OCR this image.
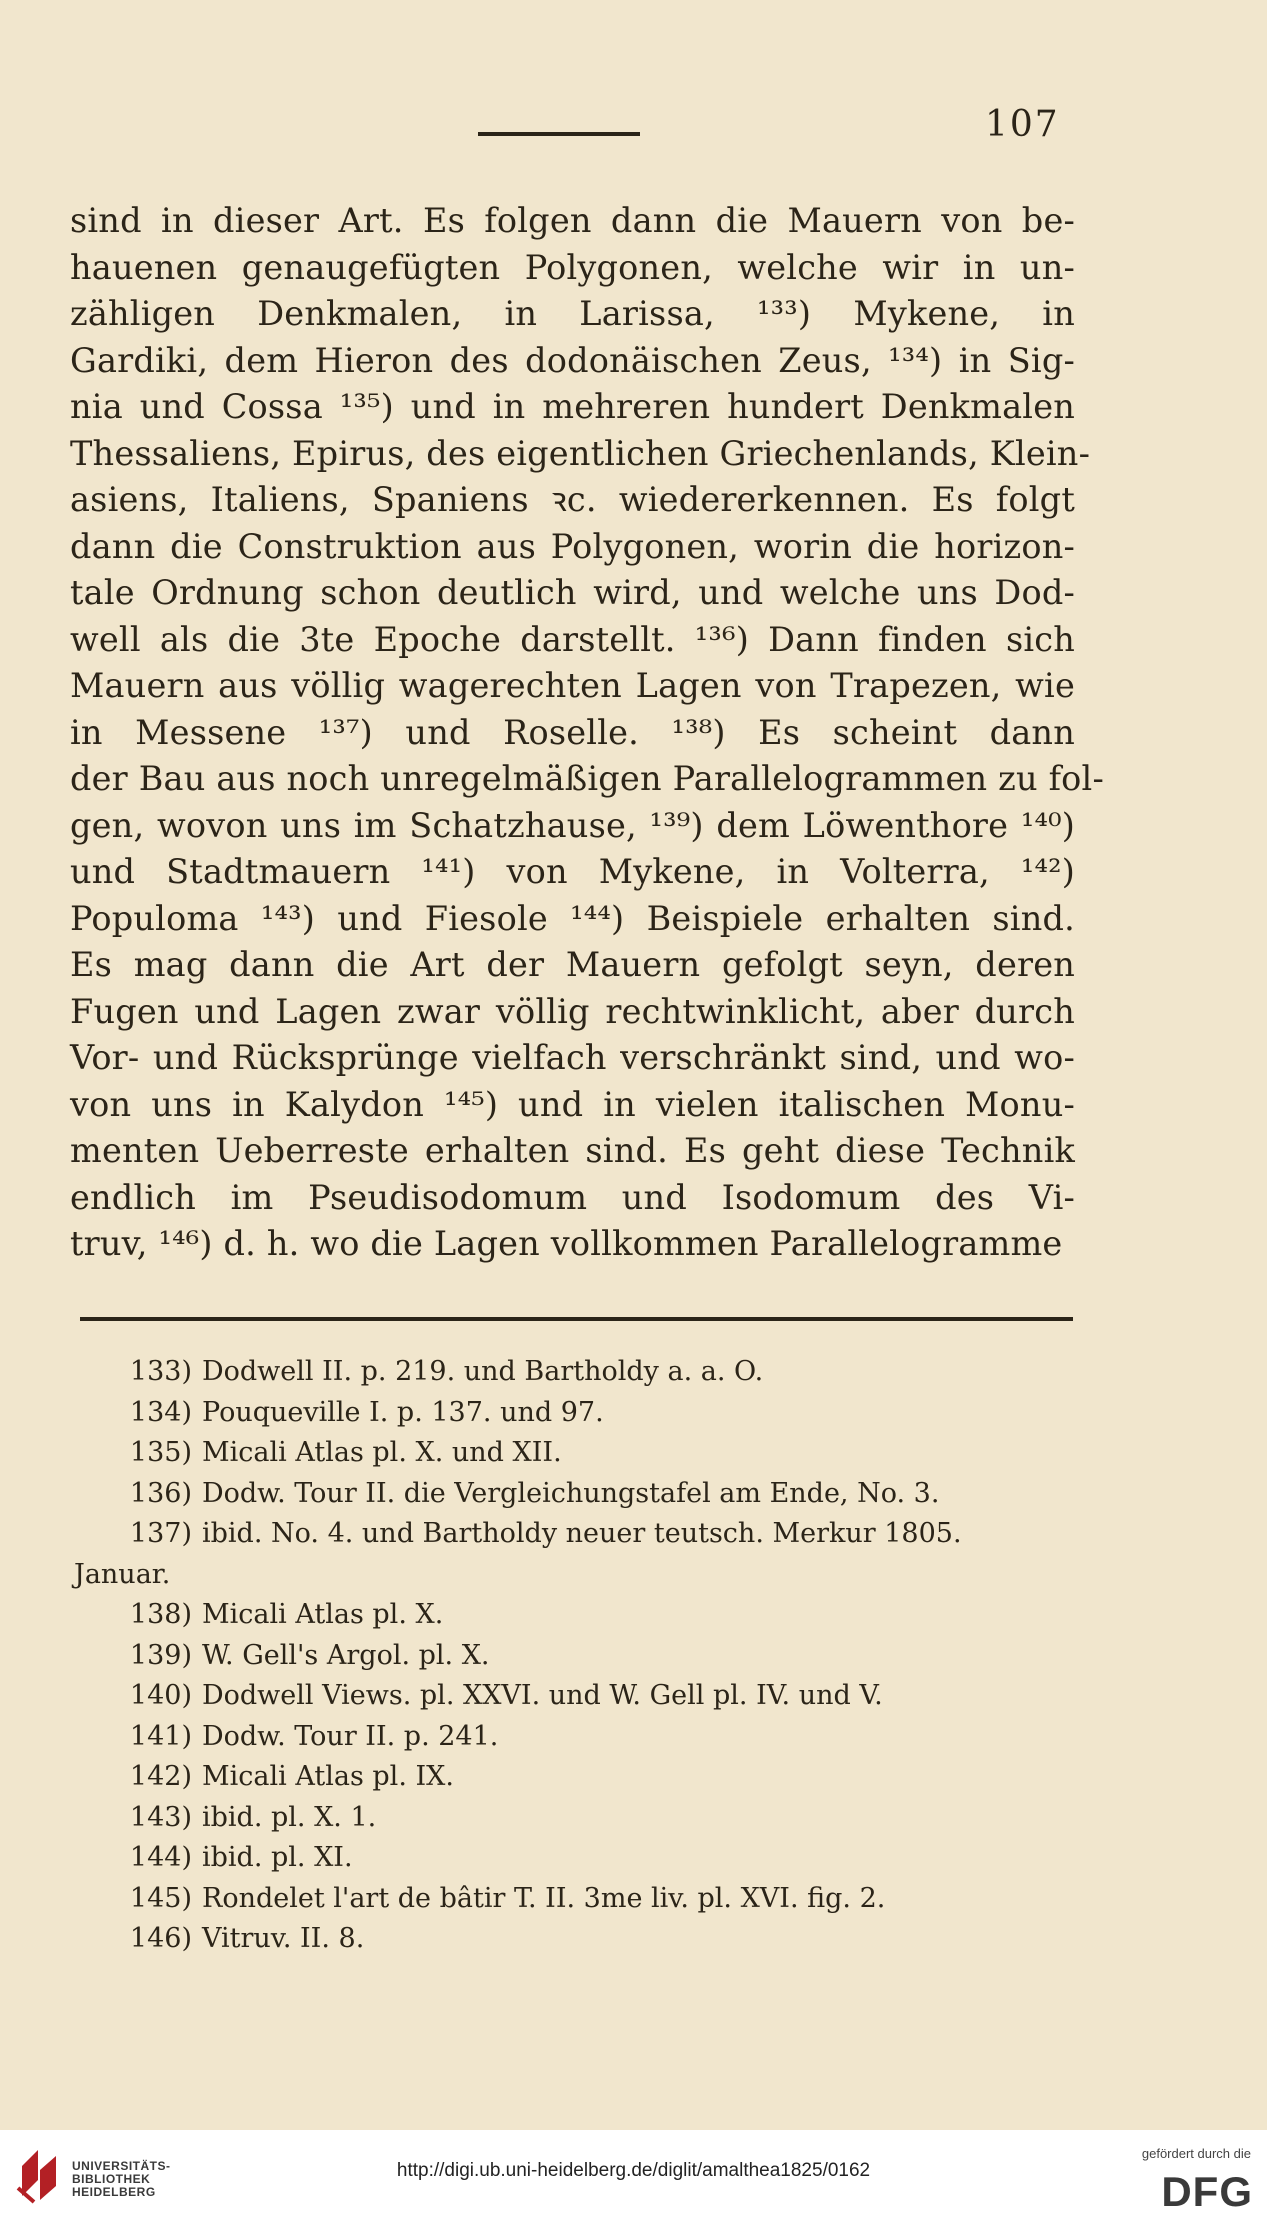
107
sind in dieser Art. Es folgen dann die Mauern von be-
hauenen genaugefügten Polygonen, welche wir in un-
zähligen Denkmalen, in Larissa, ¹³³) Mykene, in
Gardiki, dem Hieron des dodonäischen Zeus, ¹³⁴) in Sig-
nia und Cossa ¹³⁵) und in mehreren hundert Denkmalen
Thessaliens, Epirus, des eigentlichen Griechenlands, Klein-
asiens, Italiens, Spaniens ꝛc. wiedererkennen. Es folgt
dann die Construktion aus Polygonen, worin die horizon-
tale Ordnung schon deutlich wird, und welche uns Dod-
well als die 3te Epoche darstellt. ¹³⁶) Dann finden sich
Mauern aus völlig wagerechten Lagen von Trapezen, wie
in Messene ¹³⁷) und Roselle. ¹³⁸) Es scheint dann
der Bau aus noch unregelmäßigen Parallelogrammen zu fol-
gen, wovon uns im Schatzhause, ¹³⁹) dem Löwenthore ¹⁴⁰)
und Stadtmauern ¹⁴¹) von Mykene, in Volterra, ¹⁴²)
Populoma ¹⁴³) und Fiesole ¹⁴⁴) Beispiele erhalten sind.
Es mag dann die Art der Mauern gefolgt seyn, deren
Fugen und Lagen zwar völlig rechtwinklicht, aber durch
Vor- und Rücksprünge vielfach verschränkt sind, und wo-
von uns in Kalydon ¹⁴⁵) und in vielen italischen Monu-
menten Ueberreste erhalten sind. Es geht diese Technik
endlich im Pseudisodomum und Isodomum des Vi-
truv, ¹⁴⁶) d. h. wo die Lagen vollkommen Parallelogramme
133) Dodwell II. p. 219. und Bartholdy a. a. O.
134) Pouqueville I. p. 137. und 97.
135) Micali Atlas pl. X. und XII.
136) Dodw. Tour II. die Vergleichungstafel am Ende, No. 3.
137) ibid. No. 4. und Bartholdy neuer teutsch. Merkur 1805.
Januar.
138) Micali Atlas pl. X.
139) W. Gell's Argol. pl. X.
140) Dodwell Views. pl. XXVI. und W. Gell pl. IV. und V.
141) Dodw. Tour II. p. 241.
142) Micali Atlas pl. IX.
143) ibid. pl. X. 1.
144) ibid. pl. XI.
145) Rondelet l'art de bâtir T. II. 3me liv. pl. XVI. fig. 2.
146) Vitruv. II. 8.
UNIVERSITÄTS-
BIBLIOTHEK
HEIDELBERG
http://digi.ub.uni-heidelberg.de/diglit/amalthea1825/0162
gefördert durch die
DFG
